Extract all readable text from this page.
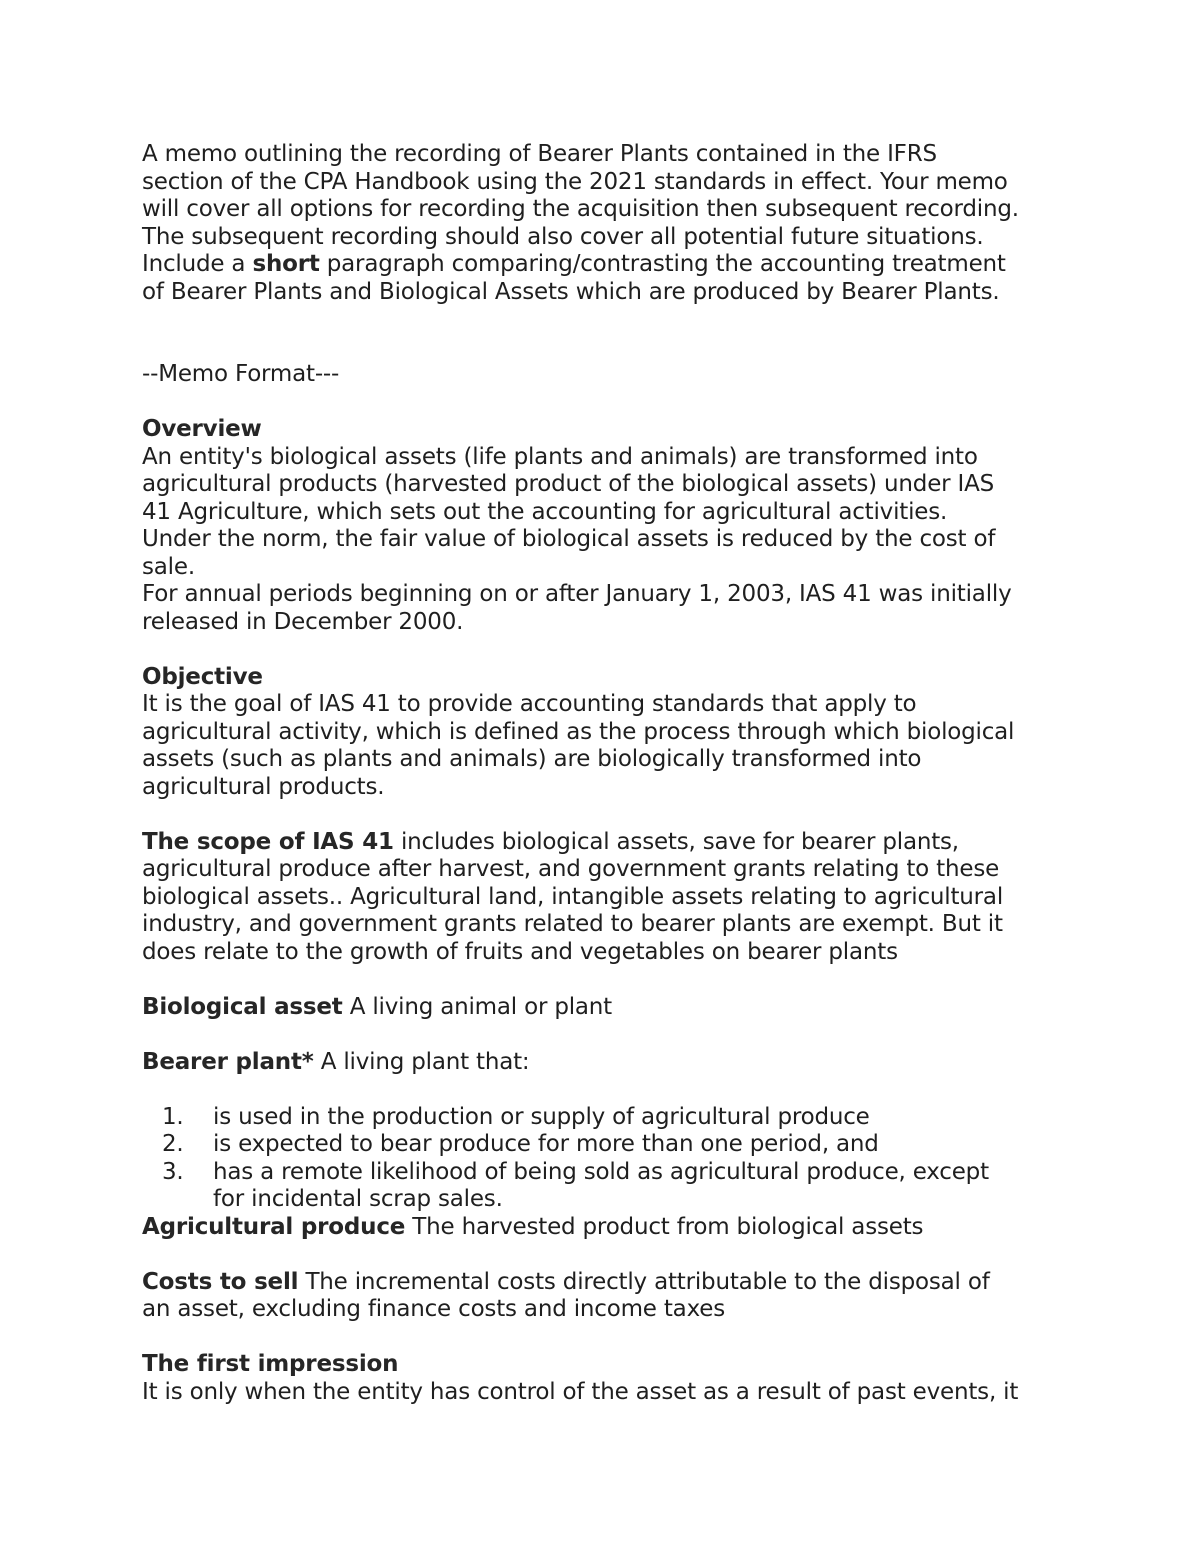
A memo outlining the recording of Bearer Plants contained in the IFRS

section of the CPA Handbook using the 2021 standards in effect. Your memo

will cover all options for recording the acquisition then subsequent recording.

The subsequent recording should also cover all potential future situations.

Include a short paragraph comparing/contrasting the accounting treatment

of Bearer Plants and Biological Assets which are produced by Bearer Plants.

--Memo Format---

Overview

An entity's biological assets (life plants and animals) are transformed into

agricultural products (harvested product of the biological assets) under IAS

41 Agriculture, which sets out the accounting for agricultural activities.

Under the norm, the fair value of biological assets is reduced by the cost of

sale.

For annual periods beginning on or after January 1, 2003, IAS 41 was initially

released in December 2000.

Objective

It is the goal of IAS 41 to provide accounting standards that apply to

agricultural activity, which is defined as the process through which biological

assets (such as plants and animals) are biologically transformed into

agricultural products.

The scope of IAS 41 includes biological assets, save for bearer plants,

agricultural produce after harvest, and government grants relating to these

biological assets.. Agricultural land, intangible assets relating to agricultural

industry, and government grants related to bearer plants are exempt. But it

does relate to the growth of fruits and vegetables on bearer plants

Biological asset A living animal or plant

Bearer plant* A living plant that:

1. is used in the production or supply of agricultural produce
2. is expected to bear produce for more than one period, and
3. has a remote likelihood of being sold as agricultural produce, except
for incidental scrap sales.

Agricultural produce The harvested product from biological assets

Costs to sell The incremental costs directly attributable to the disposal of

an asset, excluding finance costs and income taxes

The first impression

It is only when the entity has control of the asset as a result of past events, it
